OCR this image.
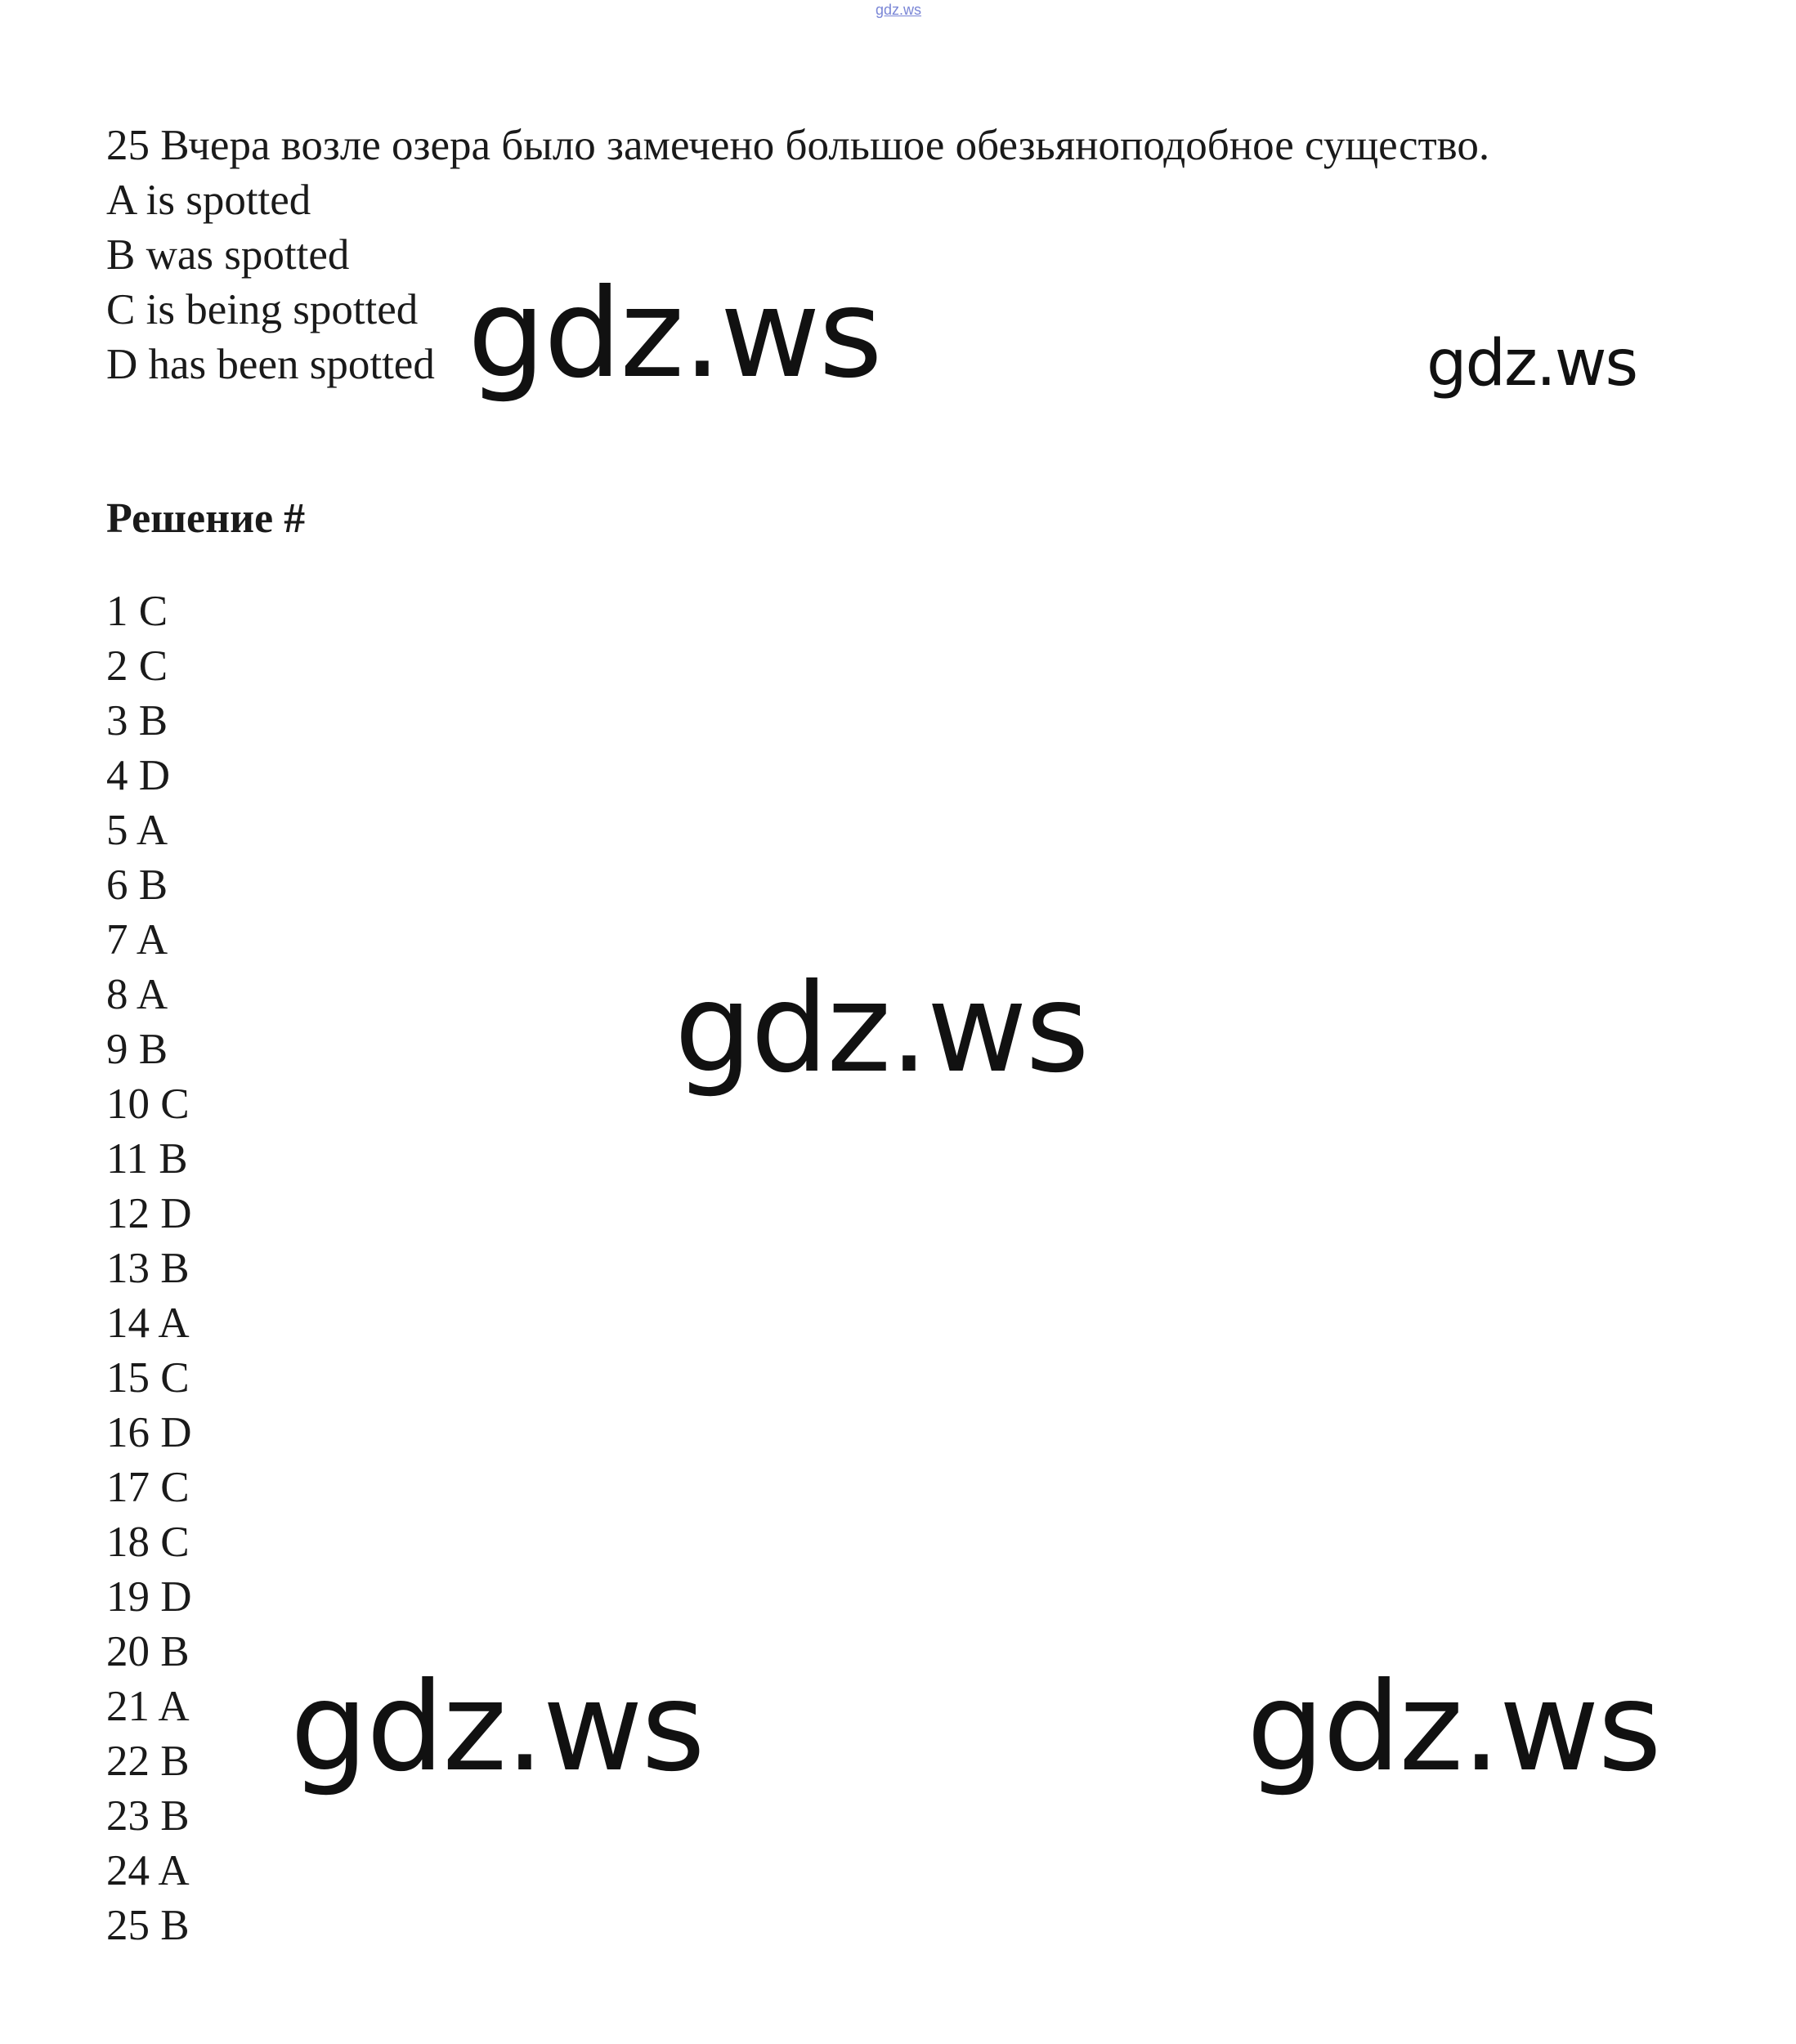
gdz.ws
25 Вчера возле озера было замечено большое обезьяноподобное существо.
A is spotted
B was spotted
C is being spotted
D has been spotted
Решение #
1 C
2 C
3 B
4 D
5 A
6 B
7 A
8 A
9 B
10 C
11 B
12 D
13 B
14 A
15 C
16 D
17 C
18 C
19 D
20 B
21 A
22 B
23 B
24 A
25 B
gdz.ws	gdz.ws
gdz.ws
gdz.ws	gdz.ws
